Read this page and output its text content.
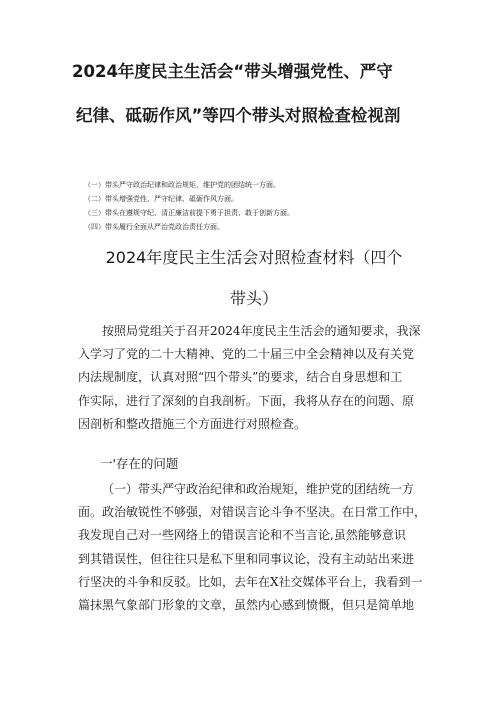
2024年度民主生活会“带头增强党性、严守
纪律、砥砺作风”等四个带头对照检查检视剖
（一）带头严守政治纪律和政治规矩，维护党的团结统一方面。
（二）带头增强党性、严守纪律、砥砺作风方面。
（三）带头在遵规守纪、清正廉洁前提下勇于担责、敢于创新方面。
（四）带头履行全面从严治党政治责任方面。
2024年度民主生活会对照检查材料（四个
带头）
按照局党组关于召开2024年度民主生活会的通知要求，我深
入学习了党的二十大精神、党的二十届三中全会精神以及有关党
内法规制度，认真对照“四个带头”的要求，结合自身思想和工
作实际，进行了深刻的自我剖析。下面，我将从存在的问题、原
因剖析和整改措施三个方面进行对照检查。
一'存在的问题
（一）带头严守政治纪律和政治规矩，维护党的团结统一方
面。政治敏锐性不够强，对错误言论斗争不坚决。在日常工作中，
我发现自己对一些网络上的错误言论和不当言论,虽然能够意识
到其错误性，但往往只是私下里和同事议论，没有主动站出来进
行坚决的斗争和反驳。比如，去年在X社交媒体平台上，我看到一
篇抹黑气象部门形象的文章，虽然内心感到愤慨，但只是简单地
